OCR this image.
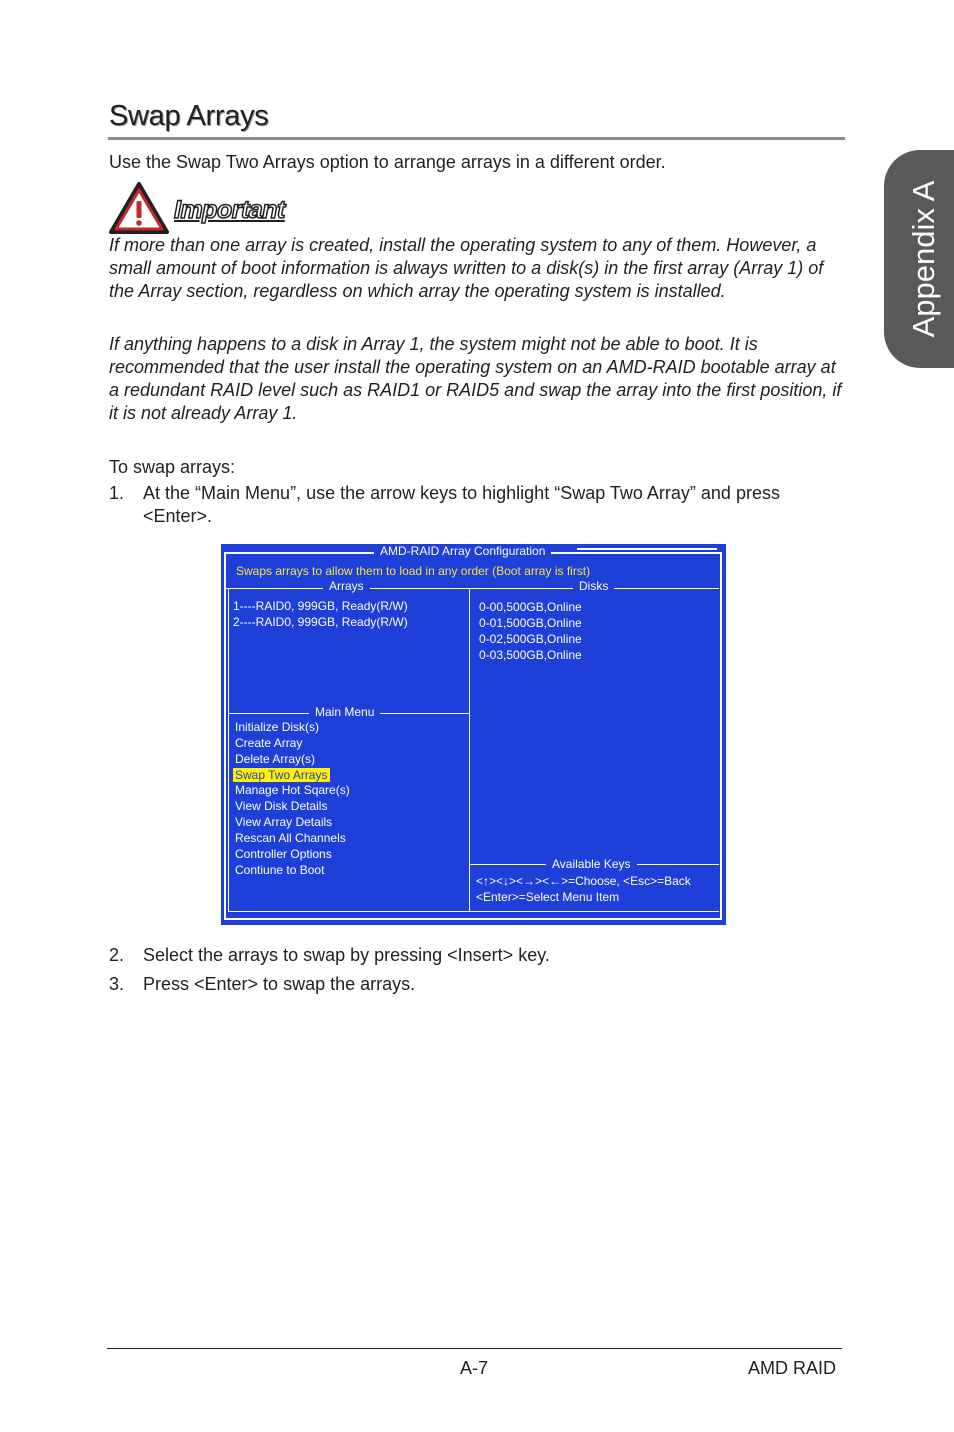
Appendix A
Swap Arrays

Use the Swap Two Arrays option to arrange arrays in a different order.

Important

If more than one array is created, install the operating system to any of them. However, a small amount of boot information is always written to a disk(s) in the first array (Array 1) of the Array section, regardless on which array the operating system is installed.

If anything happens to a disk in Array 1, the system might not be able to boot. It is recommended that the user install the operating system on an AMD-RAID bootable array at a redundant RAID level such as RAID1 or RAID5 and swap the array into the first position, if it is not already Array 1.

To swap arrays:

1. At the “Main Menu”, use the arrow keys to highlight “Swap Two Array” and press <Enter>.
AMD-RAID Array Configuration
Swaps arrays to allow them to load in any order (Boot array is first)
Arrays	Disks
1----RAID0, 999GB, Ready(R/W)
2----RAID0, 999GB, Ready(R/W)
0-00,500GB,Online
0-01,500GB,Online
0-02,500GB,Online
0-03,500GB,Online
Main Menu
Initialize Disk(s)
Create Array
Delete Array(s)
Swap Two Arrays
Manage Hot Sqare(s)
View Disk Details
View Array Details
Rescan All Channels
Controller Options
Contiune to Boot	Available Keys
<↑><↓><→><←>=Choose, <Esc>=Back
<Enter>=Select Menu Item
2. Select the arrays to swap by pressing <Insert> key.
3. Press <Enter> to swap the arrays.
A-7	AMD RAID
